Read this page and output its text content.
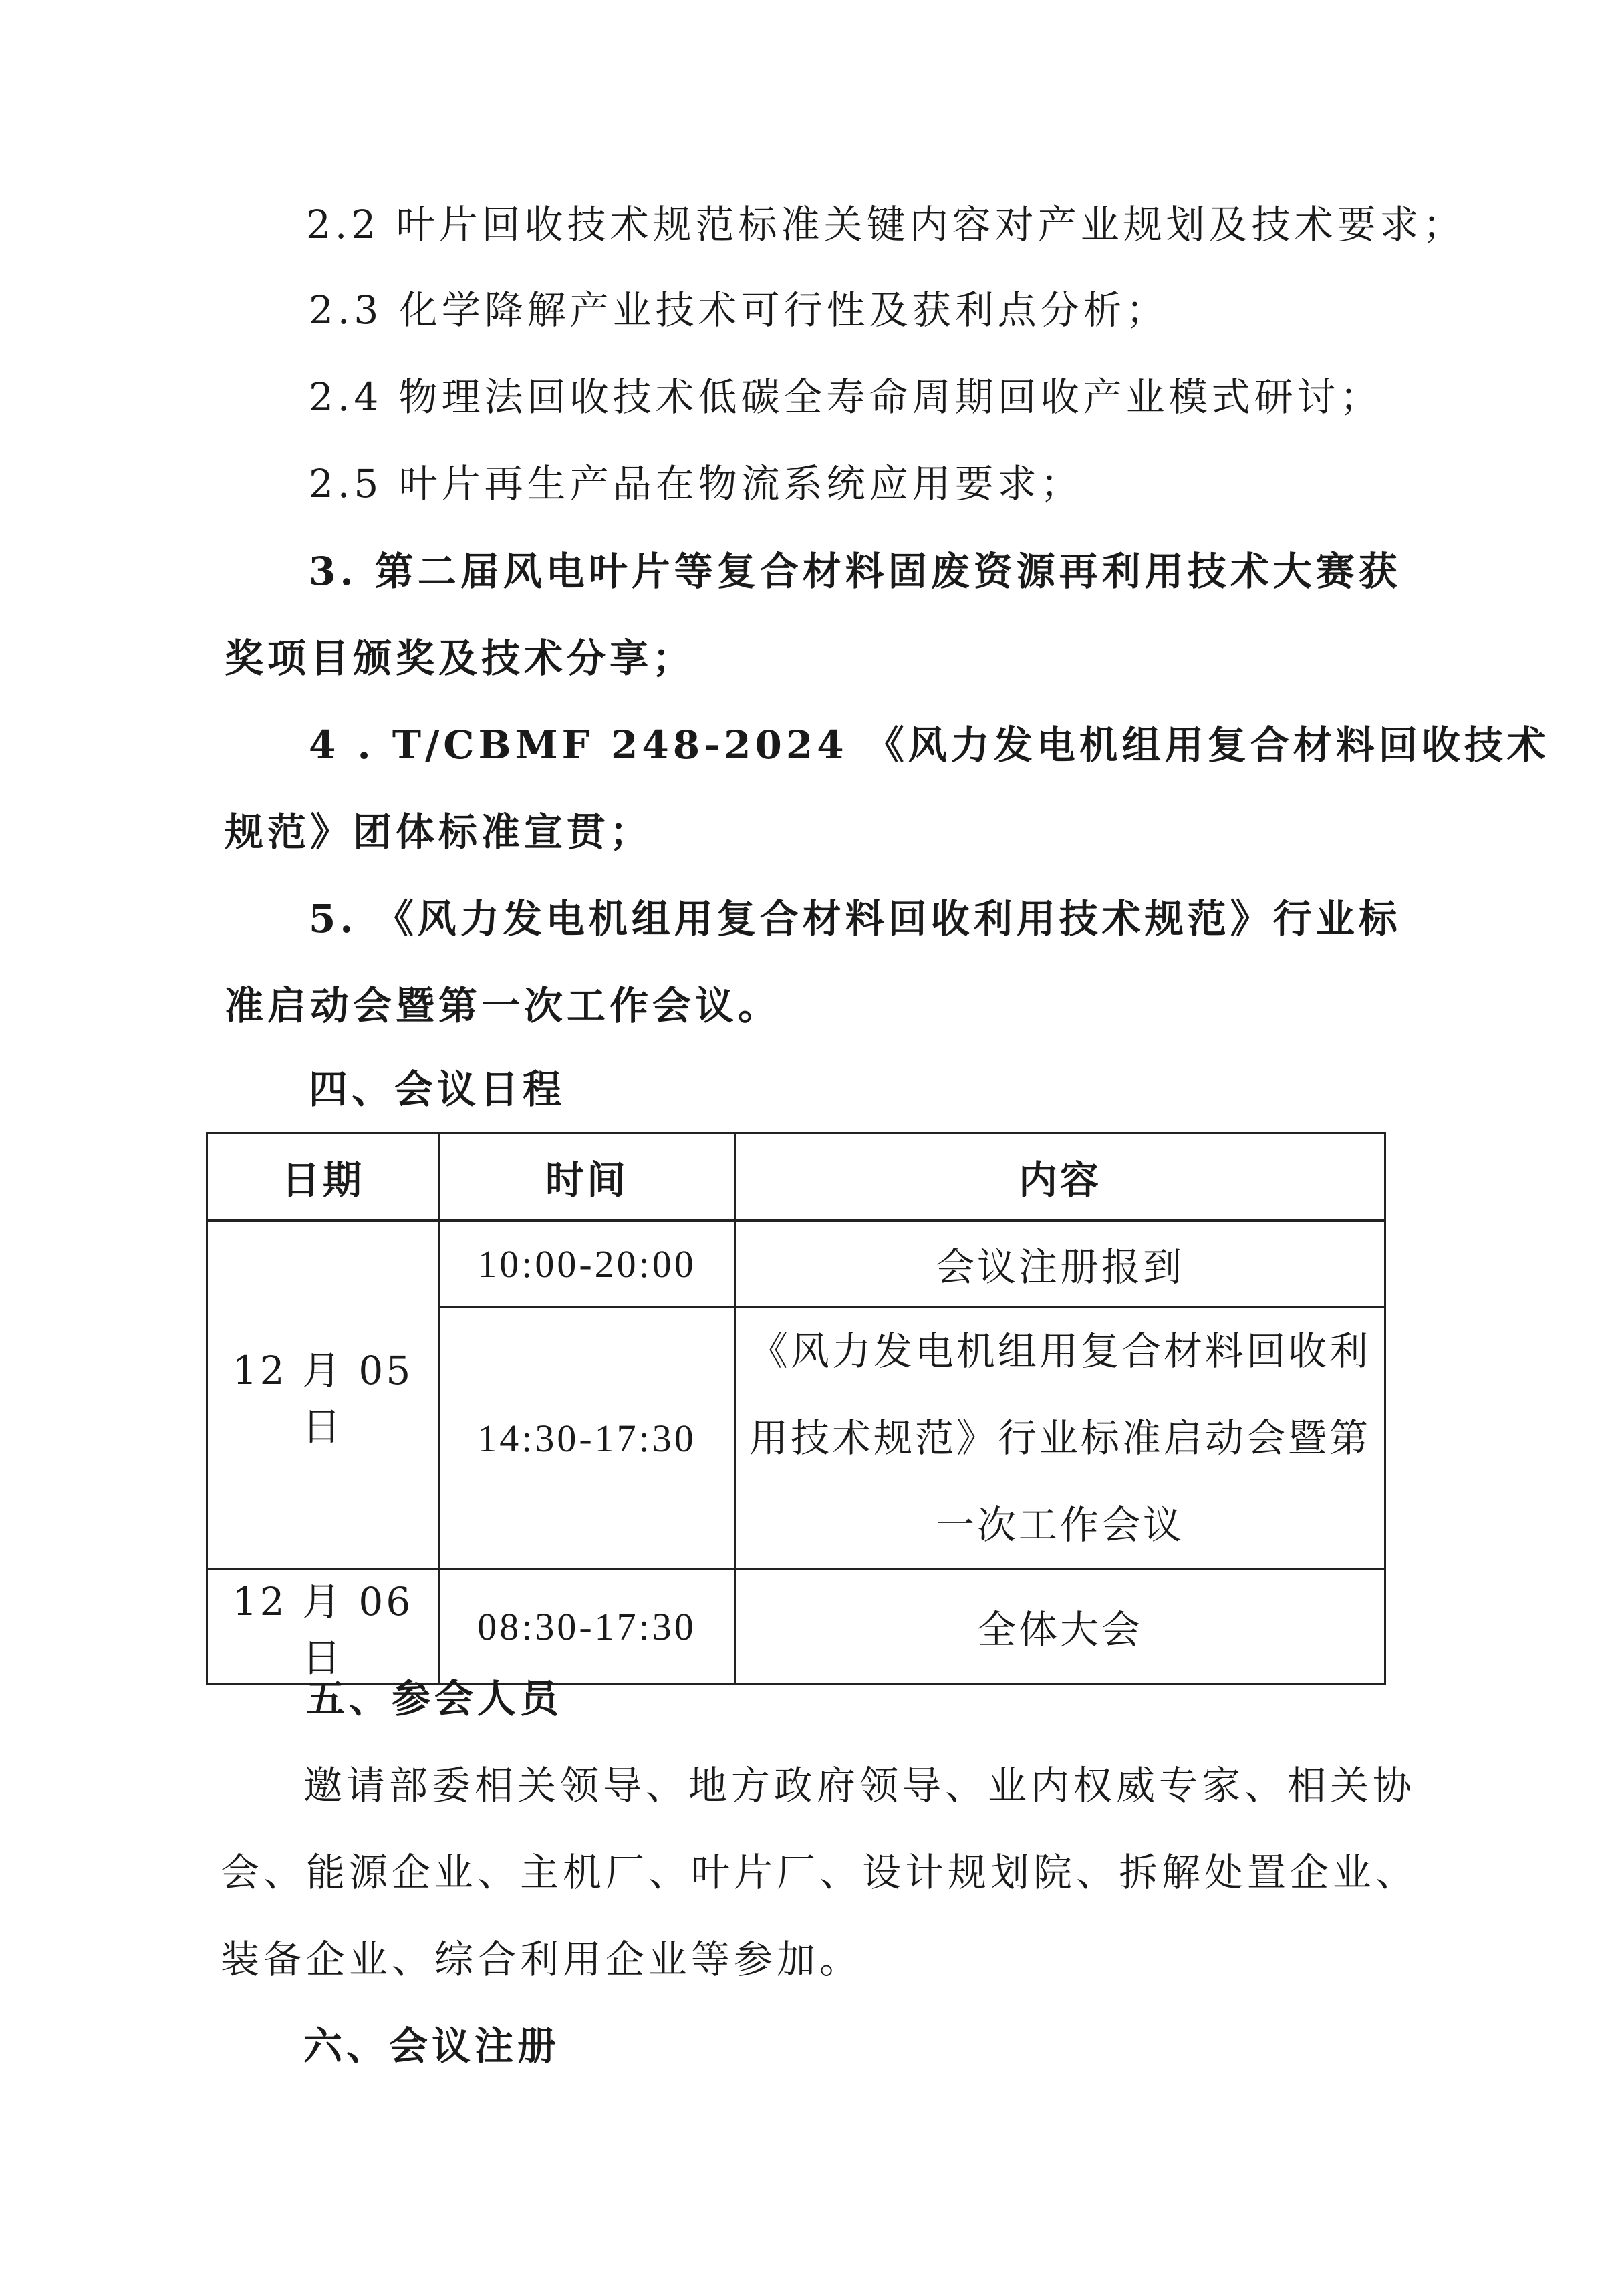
2.2 叶片回收技术规范标准关键内容对产业规划及技术要求；
2.3 化学降解产业技术可行性及获利点分析；
2.4 物理法回收技术低碳全寿命周期回收产业模式研讨；
2.5 叶片再生产品在物流系统应用要求；
3. 第二届风电叶片等复合材料固废资源再利用技术大赛获
奖项目颁奖及技术分享；
4 . T/CBMF 248-2024 《风力发电机组用复合材料回收技术
规范》团体标准宣贯；
5. 《风力发电机组用复合材料回收利用技术规范》行业标
准启动会暨第一次工作会议。
四、会议日程
日期	时间	内容
12 月 05 日	10:00-20:00	会议注册报到
	14:30-17:30	《风力发电机组用复合材料回收利用技术规范》行业标准启动会暨第一次工作会议

12 月 06 日	08:30-17:30	全体大会
五、参会人员
邀请部委相关领导、地方政府领导、业内权威专家、相关协
会、能源企业、主机厂、叶片厂、设计规划院、拆解处置企业、
装备企业、综合利用企业等参加。
六、会议注册
